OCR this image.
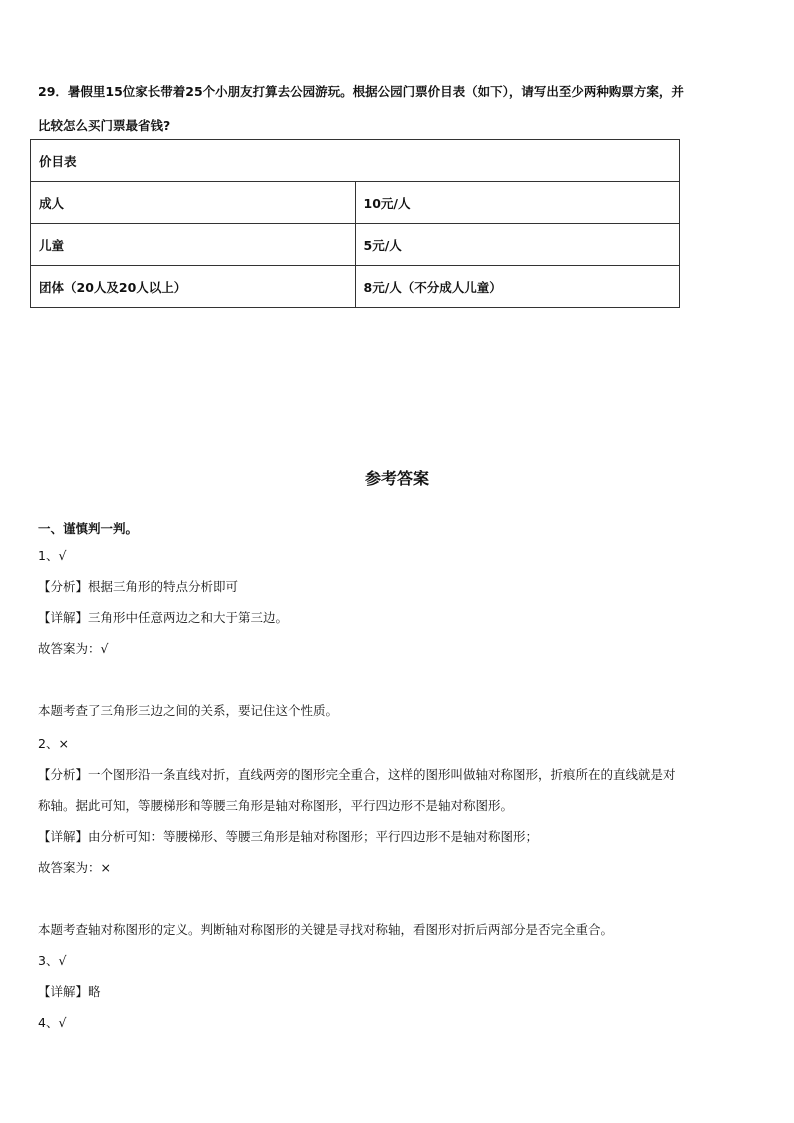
29．暑假里15位家长带着25个小朋友打算去公园游玩。根据公园门票价目表（如下），请写出至少两种购票方案，并
比较怎么买门票最省钱?
价目表	
成人	10元/人
儿童	5元/人
团体（20人及20人以上）	8元/人（不分成人儿童）
参考答案
一、谨慎判一判。
1、√
【分析】根据三角形的特点分析即可
【详解】三角形中任意两边之和大于第三边。
故答案为：√
本题考查了三角形三边之间的关系，要记住这个性质。
2、×
【分析】一个图形沿一条直线对折，直线两旁的图形完全重合，这样的图形叫做轴对称图形，折痕所在的直线就是对
称轴。据此可知，等腰梯形和等腰三角形是轴对称图形，平行四边形不是轴对称图形。
【详解】由分析可知：等腰梯形、等腰三角形是轴对称图形；平行四边形不是轴对称图形；
故答案为：×
本题考查轴对称图形的定义。判断轴对称图形的关键是寻找对称轴，看图形对折后两部分是否完全重合。
3、√
【详解】略
4、√
